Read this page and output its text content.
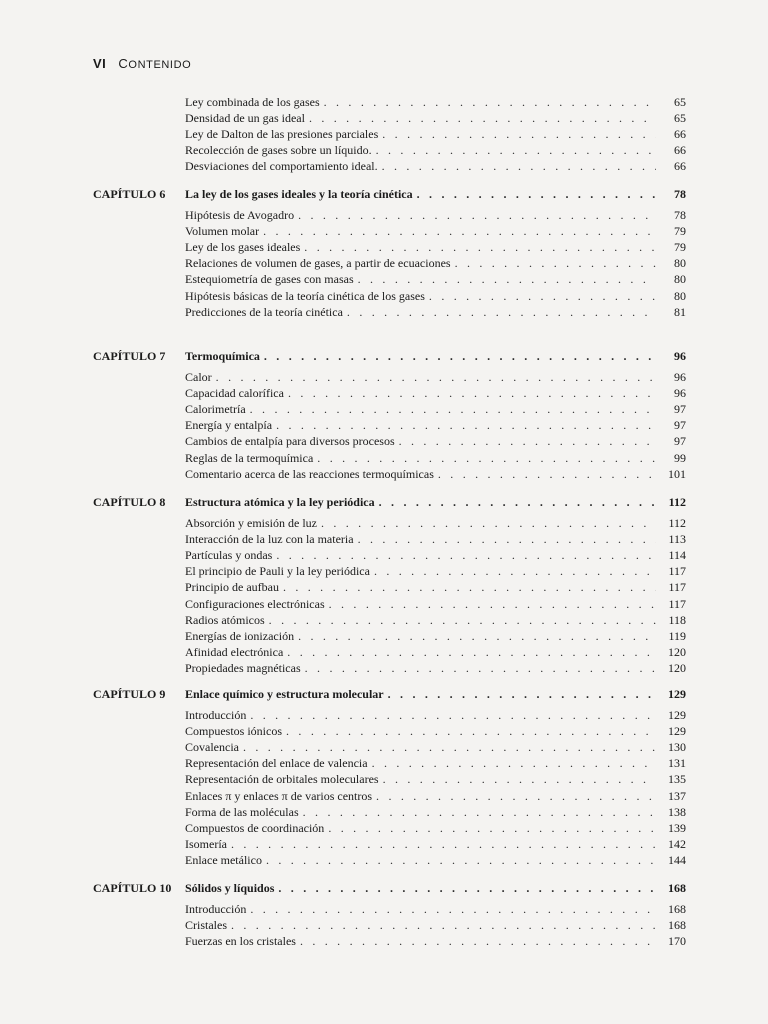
VI CONTENIDO
Ley combinada de los gases . . .	65
Densidad de un gas ideal . . .	65
Ley de Dalton de las presiones parciales . . .	66
Recolección de gases sobre un líquido. . . .	66
Desviaciones del comportamiento ideal. . . .	66
CAPÍTULO 6 La ley de los gases ideales y la teoría cinética . . .	78
Hipótesis de Avogadro . . .	78
Volumen molar . . .	79
Ley de los gases ideales . . .	79
Relaciones de volumen de gases, a partir de ecuaciones . . .	80
Estequiometría de gases con masas . . .	80
Hipótesis básicas de la teoría cinética de los gases . . .	80
Predicciones de la teoría cinética . . .	81
CAPÍTULO 7 Termoquímica . . .	96
Calor . . .	96
Capacidad calorífica . . .	96
Calorimetría . . .	97
Energía y entalpía . . .	97
Cambios de entalpía para diversos procesos . . .	97
Reglas de la termoquímica . . .	99
Comentario acerca de las reacciones termoquímicas . . .	101
CAPÍTULO 8 Estructura atómica y la ley periódica . . .	112
Absorción y emisión de luz . . .	112
Interacción de la luz con la materia . . .	113
Partículas y ondas . . .	114
El principio de Pauli y la ley periódica . . .	117
Principio de aufbau . . .	117
Configuraciones electrónicas . . .	117
Radios atómicos . . .	118
Energías de ionización . . .	119
Afinidad electrónica . . .	120
Propiedades magnéticas . . .	120
CAPÍTULO 9 Enlace químico y estructura molecular . . .	129
Introducción . . .	129
Compuestos iónicos . . .	129
Covalencia . . .	130
Representación del enlace de valencia . . .	131
Representación de orbitales moleculares . . .	135
Enlaces π y enlaces π de varios centros . . .	137
Forma de las moléculas . . .	138
Compuestos de coordinación . . .	139
Isomería . . .	142
Enlace metálico . . .	144
CAPÍTULO 10 Sólidos y líquidos . . .	168
Introducción . . .	168
Cristales . . .	168
Fuerzas en los cristales . . .	170
